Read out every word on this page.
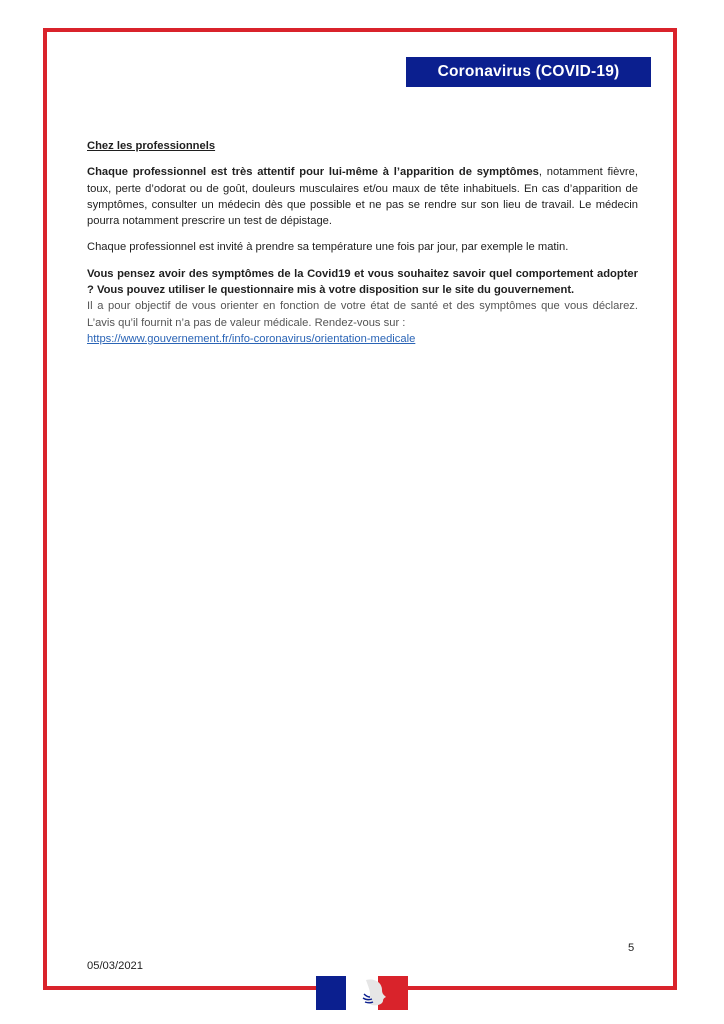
Coronavirus (COVID-19)

Chez les professionnels

Chaque professionnel est très attentif pour lui-même à l’apparition de symptômes, notamment fièvre, toux, perte d’odorat ou de goût, douleurs musculaires et/ou maux de tête inhabituels. En cas d’apparition de symptômes, consulter un médecin dès que possible et ne pas se rendre sur son lieu de travail. Le médecin pourra notamment prescrire un test de dépistage.

Chaque professionnel est invité à prendre sa température une fois par jour, par exemple le matin.

Vous pensez avoir des symptômes de la Covid19 et vous souhaitez savoir quel comportement adopter ? Vous pouvez utiliser le questionnaire mis à votre disposition sur le site du gouvernement.

Il a pour objectif de vous orienter en fonction de votre état de santé et des symptômes que vous déclarez. L’avis qu’il fournit n’a pas de valeur médicale. Rendez-vous sur :

https://www.gouvernement.fr/info-coronavirus/orientation-medicale

5
05/03/2021
